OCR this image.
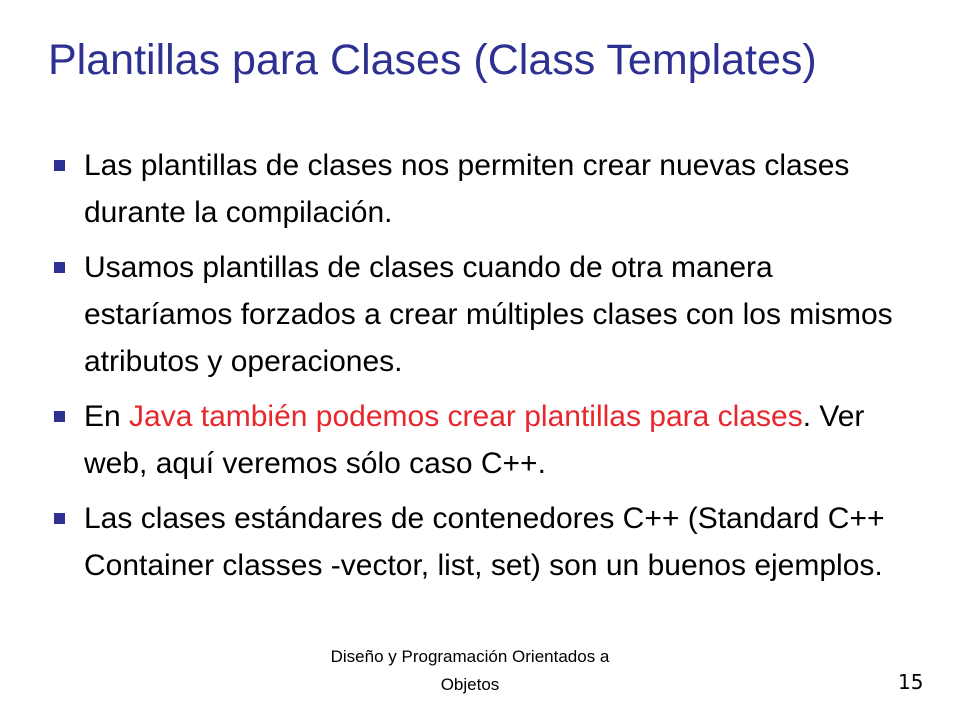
Plantillas para Clases (Class Templates)
Las plantillas de clases nos permiten crear nuevas clases durante la compilación.
Usamos plantillas de clases cuando de otra manera estaríamos forzados a crear múltiples clases con los mismos atributos y operaciones.
En Java también podemos crear plantillas para clases. Ver web, aquí veremos sólo caso C++.
Las clases estándares de contenedores C++ (Standard C++ Container classes -vector, list, set) son un buenos ejemplos.
Diseño y Programación Orientados a
Objetos	15
